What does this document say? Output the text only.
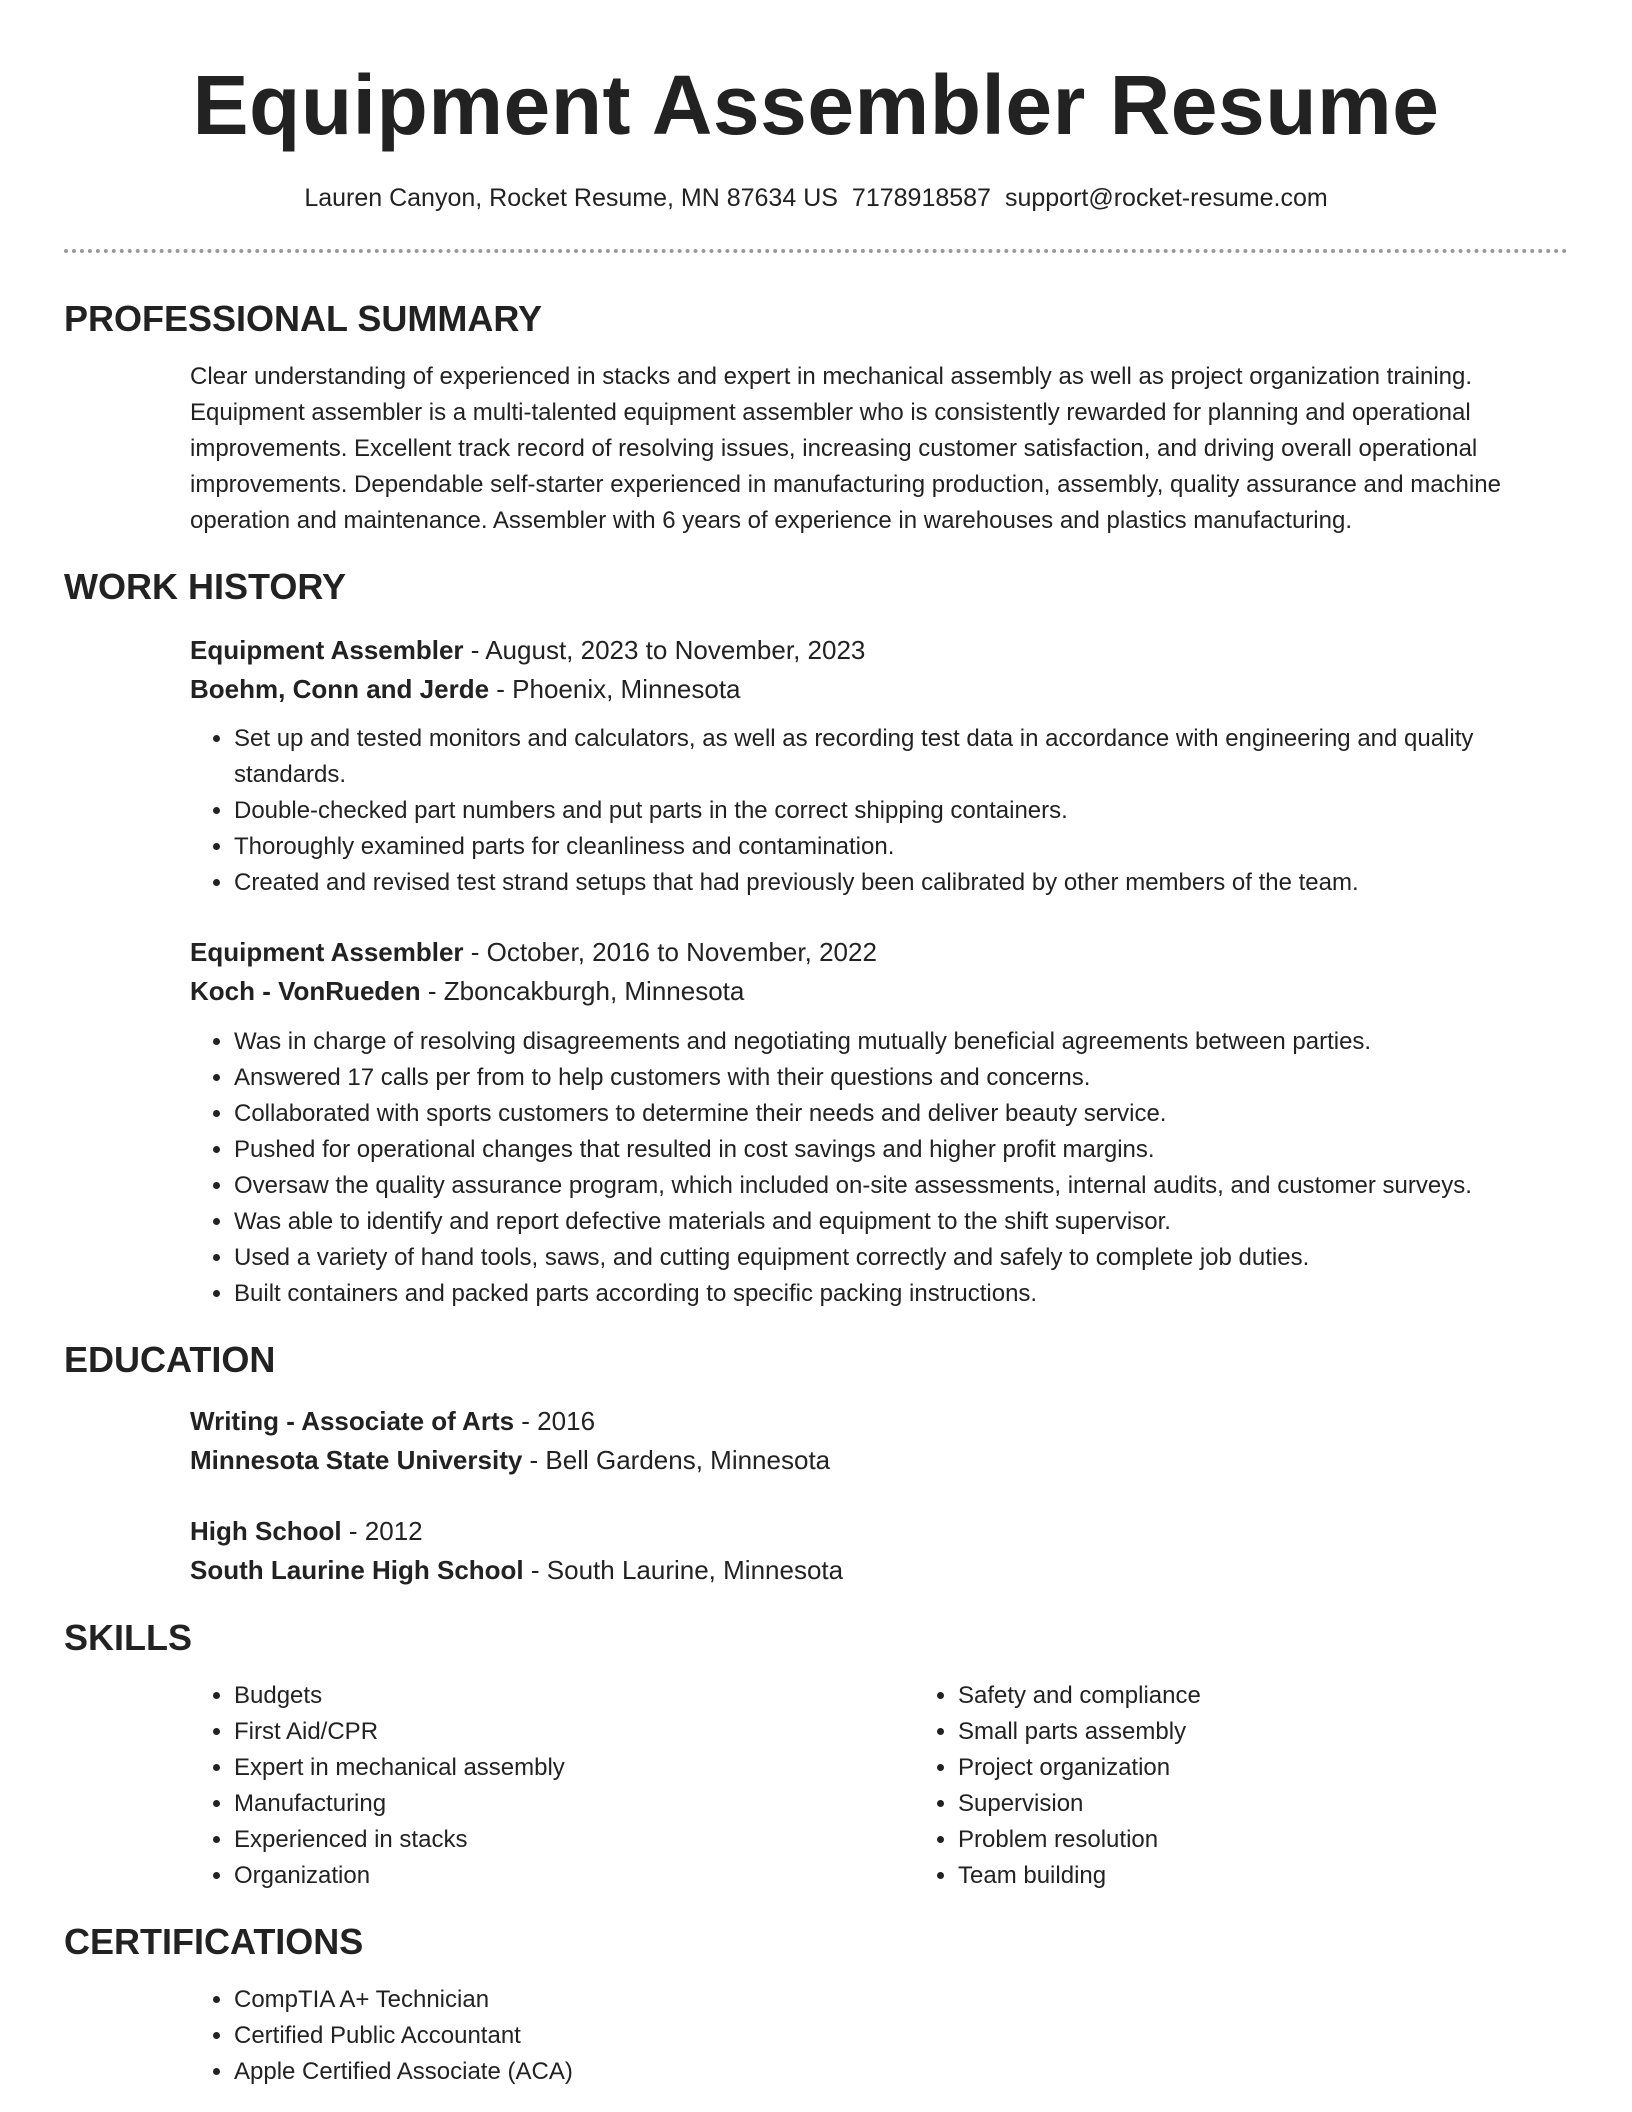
Equipment Assembler Resume
Lauren Canyon, Rocket Resume, MN 87634 US 7178918587 support@rocket-resume.com
PROFESSIONAL SUMMARY

Clear understanding of experienced in stacks and expert in mechanical assembly as well as project organization training. Equipment assembler is a multi-talented equipment assembler who is consistently rewarded for planning and operational improvements. Excellent track record of resolving issues, increasing customer satisfaction, and driving overall operational improvements. Dependable self-starter experienced in manufacturing production, assembly, quality assurance and machine operation and maintenance. Assembler with 6 years of experience in warehouses and plastics manufacturing.

WORK HISTORY

Equipment Assembler - August, 2023 to November, 2023

Boehm, Conn and Jerde - Phoenix, Minnesota

• Set up and tested monitors and calculators, as well as recording test data in accordance with engineering and quality standards.
• Double-checked part numbers and put parts in the correct shipping containers.
• Thoroughly examined parts for cleanliness and contamination.
• Created and revised test strand setups that had previously been calibrated by other members of the team.

Equipment Assembler - October, 2016 to November, 2022

Koch - VonRueden - Zboncakburgh, Minnesota

• Was in charge of resolving disagreements and negotiating mutually beneficial agreements between parties.
• Answered 17 calls per from to help customers with their questions and concerns.
• Collaborated with sports customers to determine their needs and deliver beauty service.
• Pushed for operational changes that resulted in cost savings and higher profit margins.
• Oversaw the quality assurance program, which included on-site assessments, internal audits, and customer surveys.
• Was able to identify and report defective materials and equipment to the shift supervisor.
• Used a variety of hand tools, saws, and cutting equipment correctly and safely to complete job duties.
• Built containers and packed parts according to specific packing instructions.
EDUCATION

Writing - Associate of Arts - 2016

Minnesota State University - Bell Gardens, Minnesota

High School - 2012

South Laurine High School - South Laurine, Minnesota

SKILLS
• Budgets
• First Aid/CPR
• Expert in mechanical assembly
• Manufacturing
• Experienced in stacks
• Organization
• Safety and compliance
• Small parts assembly
• Project organization
• Supervision
• Problem resolution
• Team building
CERTIFICATIONS
• CompTIA A+ Technician
• Certified Public Accountant
• Apple Certified Associate (ACA)
